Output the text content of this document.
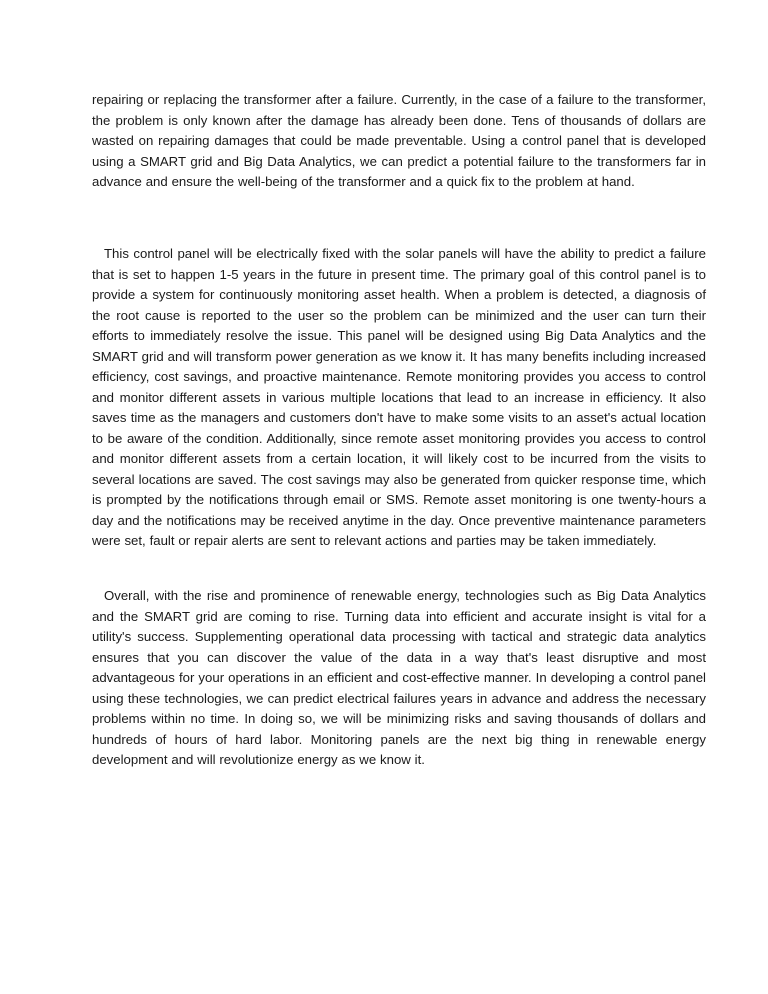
repairing or replacing the transformer after a failure. Currently, in the case of a failure to the transformer, the problem is only known after the damage has already been done. Tens of thousands of dollars are wasted on repairing damages that could be made preventable. Using a control panel that is developed using a SMART grid and Big Data Analytics, we can predict a potential failure to the transformers far in advance and ensure the well-being of the transformer and a quick fix to the problem at hand.

This control panel will be electrically fixed with the solar panels will have the ability to predict a failure that is set to happen 1-5 years in the future in present time. The primary goal of this control panel is to provide a system for continuously monitoring asset health. When a problem is detected, a diagnosis of the root cause is reported to the user so the problem can be minimized and the user can turn their efforts to immediately resolve the issue. This panel will be designed using Big Data Analytics and the SMART grid and will transform power generation as we know it. It has many benefits including increased efficiency, cost savings, and proactive maintenance. Remote monitoring provides you access to control and monitor different assets in various multiple locations that lead to an increase in efficiency. It also saves time as the managers and customers don't have to make some visits to an asset's actual location to be aware of the condition. Additionally, since remote asset monitoring provides you access to control and monitor different assets from a certain location, it will likely cost to be incurred from the visits to several locations are saved. The cost savings may also be generated from quicker response time, which is prompted by the notifications through email or SMS. Remote asset monitoring is one twenty-hours a day and the notifications may be received anytime in the day. Once preventive maintenance parameters were set, fault or repair alerts are sent to relevant actions and parties may be taken immediately.

Overall, with the rise and prominence of renewable energy, technologies such as Big Data Analytics and the SMART grid are coming to rise. Turning data into efficient and accurate insight is vital for a utility's success. Supplementing operational data processing with tactical and strategic data analytics ensures that you can discover the value of the data in a way that's least disruptive and most advantageous for your operations in an efficient and cost-effective manner. In developing a control panel using these technologies, we can predict electrical failures years in advance and address the necessary problems within no time. In doing so, we will be minimizing risks and saving thousands of dollars and hundreds of hours of hard labor. Monitoring panels are the next big thing in renewable energy development and will revolutionize energy as we know it.
